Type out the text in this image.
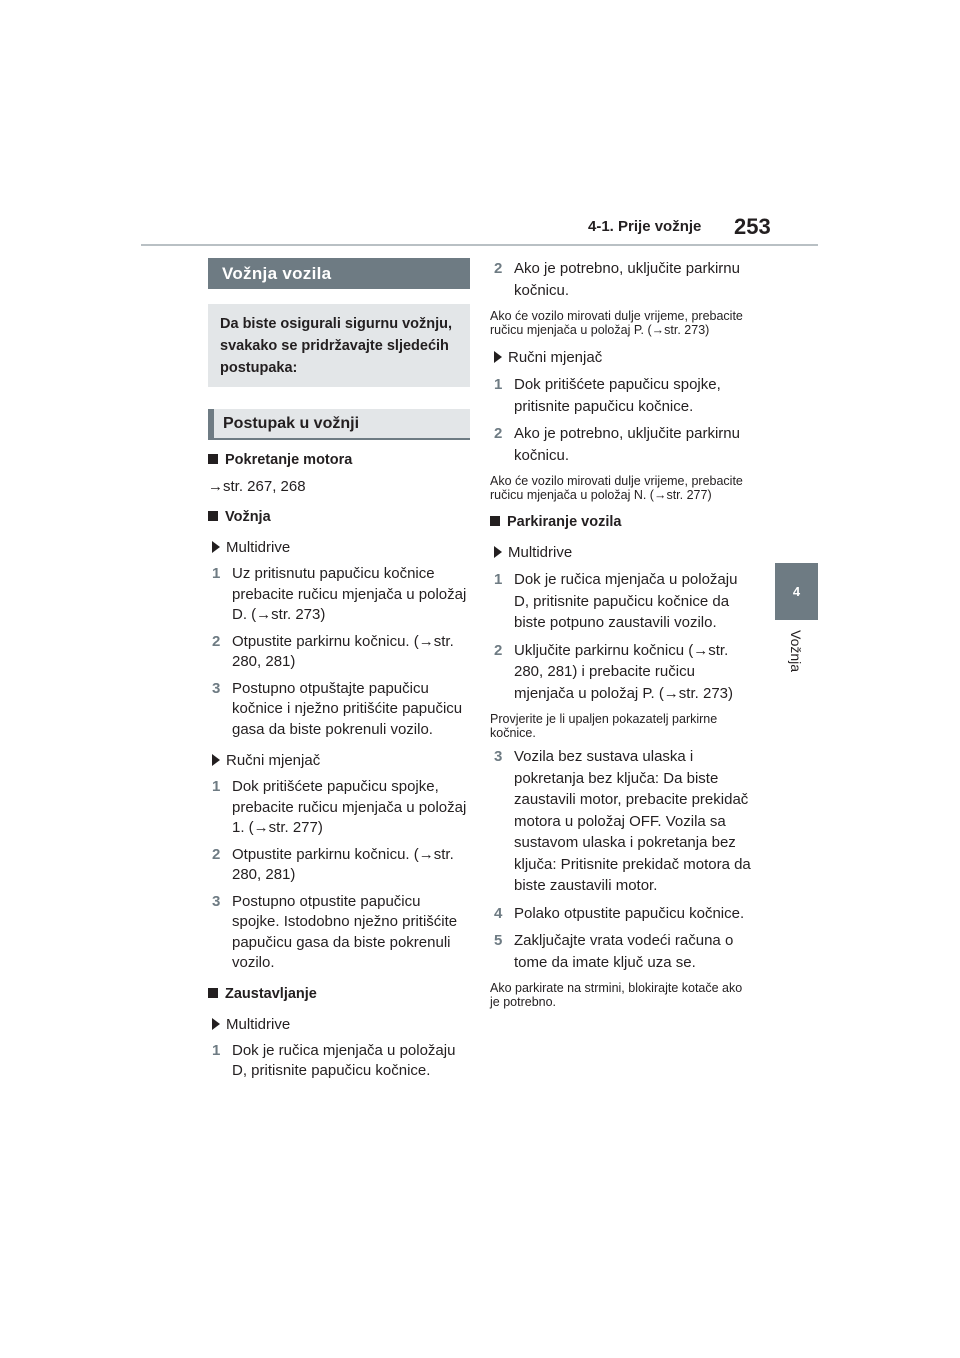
4-1. Prije vožnje 253
4
Vožnja
Vožnja vozila
Da biste osigurali sigurnu vožnju, svakako se pridržavajte sljedećih postupaka:
Postupak u vožnji
Pokretanje motora
→str. 267, 268
Vožnja
Multidrive
1 Uz pritisnutu papučicu kočnice prebacite ručicu mjenjača u položaj D. (→str. 273)
2 Otpustite parkirnu kočnicu. (→str. 280, 281)
3 Postupno otpuštajte papučicu kočnice i nježno pritišćite papučicu gasa da biste pokrenuli vozilo.
Ručni mjenjač
1 Dok pritišćete papučicu spojke, prebacite ručicu mjenjača u položaj 1. (→str. 277)
2 Otpustite parkirnu kočnicu. (→str. 280, 281)
3 Postupno otpustite papučicu spojke. Istodobno nježno pritišćite papučicu gasa da biste pokrenuli vozilo.
Zaustavljanje
Multidrive
1 Dok je ručica mjenjača u položaju D, pritisnite papučicu kočnice.
2 Ako je potrebno, uključite parkirnu kočnicu.
Ako će vozilo mirovati dulje vrijeme, prebacite ručicu mjenjača u položaj P. (→str. 273)
Ručni mjenjač
1 Dok pritišćete papučicu spojke, pritisnite papučicu kočnice.
2 Ako je potrebno, uključite parkirnu kočnicu.
Ako će vozilo mirovati dulje vrijeme, prebacite ručicu mjenjača u položaj N. (→str. 277)
Parkiranje vozila
Multidrive
1 Dok je ručica mjenjača u položaju D, pritisnite papučicu kočnice da biste potpuno zaustavili vozilo.
2 Uključite parkirnu kočnicu (→str. 280, 281) i prebacite ručicu mjenjača u položaj P. (→str. 273)
Provjerite je li upaljen pokazatelj parkirne kočnice.
3 Vozila bez sustava ulaska i pokretanja bez ključa: Da biste zaustavili motor, prebacite prekidač motora u položaj OFF. Vozila sa sustavom ulaska i pokretanja bez ključa: Pritisnite prekidač motora da biste zaustavili motor.
4 Polako otpustite papučicu kočnice.
5 Zaključajte vrata vodeći računa o tome da imate ključ uza se.
Ako parkirate na strmini, blokirajte kotače ako je potrebno.
